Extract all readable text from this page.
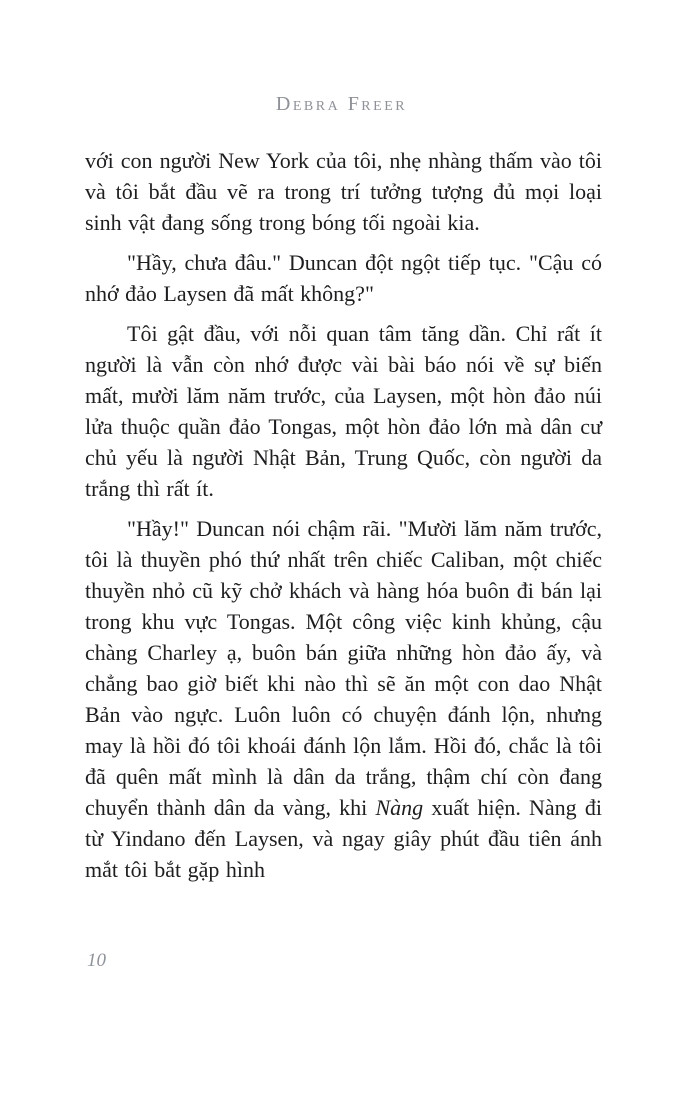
Debra Freer

với con người New York của tôi, nhẹ nhàng thấm vào tôi và tôi bắt đầu vẽ ra trong trí tưởng tượng đủ mọi loại sinh vật đang sống trong bóng tối ngoài kia.

"Hầy, chưa đâu." Duncan đột ngột tiếp tục. "Cậu có nhớ đảo Laysen đã mất không?"

Tôi gật đầu, với nỗi quan tâm tăng dần. Chỉ rất ít người là vẫn còn nhớ được vài bài báo nói về sự biến mất, mười lăm năm trước, của Laysen, một hòn đảo núi lửa thuộc quần đảo Tongas, một hòn đảo lớn mà dân cư chủ yếu là người Nhật Bản, Trung Quốc, còn người da trắng thì rất ít.

"Hầy!" Duncan nói chậm rãi. "Mười lăm năm trước, tôi là thuyền phó thứ nhất trên chiếc Caliban, một chiếc thuyền nhỏ cũ kỹ chở khách và hàng hóa buôn đi bán lại trong khu vực Tongas. Một công việc kinh khủng, cậu chàng Charley ạ, buôn bán giữa những hòn đảo ấy, và chẳng bao giờ biết khi nào thì sẽ ăn một con dao Nhật Bản vào ngực. Luôn luôn có chuyện đánh lộn, nhưng may là hồi đó tôi khoái đánh lộn lắm. Hồi đó, chắc là tôi đã quên mất mình là dân da trắng, thậm chí còn đang chuyển thành dân da vàng, khi Nàng xuất hiện. Nàng đi từ Yindano đến Laysen, và ngay giây phút đầu tiên ánh mắt tôi bắt gặp hình

10
